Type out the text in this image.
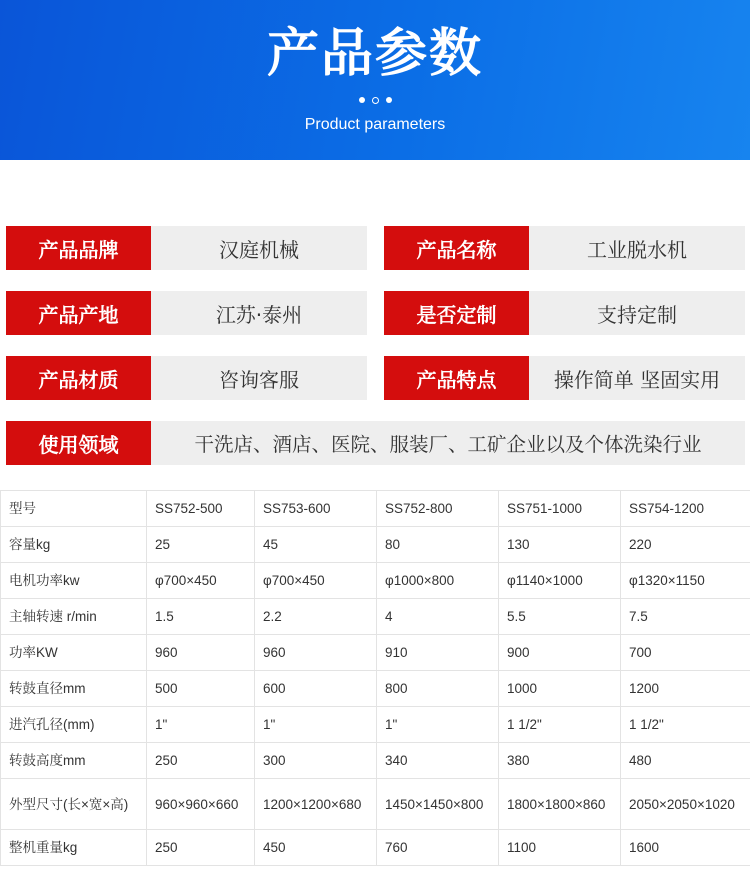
产品参数
Product parameters
产品品牌	汉庭机械	产品名称	工业脱水机
产品产地	江苏·泰州	是否定制	支持定制
产品材质	咨询客服	产品特点	操作简单 坚固实用
使用领域	干洗店、酒店、医院、服装厂、工矿企业以及个体洗染行业
型号	SS752-500	SS753-600	SS752-800	SS751-1000	SS754-1200
容量kg	25	45	80	130	220
电机功率kw	φ700×450	φ700×450	φ1000×800	φ1140×1000	φ1320×1150
主轴转速 r/min	1.5	2.2	4	5.5	7.5
功率KW	960	960	910	900	700
转鼓直径mm	500	600	800	1000	1200
进汽孔径(mm)	1"	1"	1"	1 1/2"	1 1/2"
转鼓高度mm	250	300	340	380	480
外型尺寸(长×宽×高)	960×960×660	1200×1200×680	1450×1450×800	1800×1800×860	2050×2050×1020
整机重量kg	250	450	760	1100	1600
